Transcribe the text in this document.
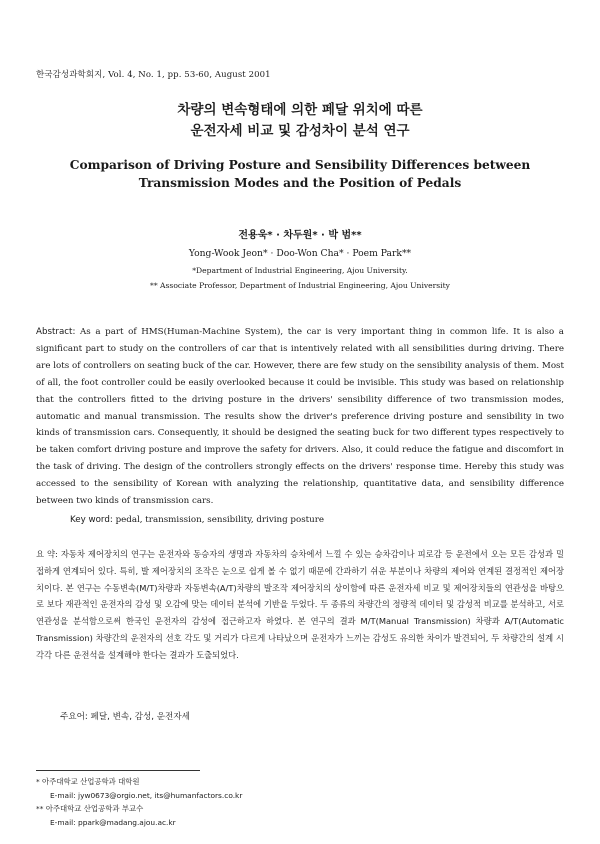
한국감성과학회지, Vol. 4, No. 1, pp. 53-60, August 2001
차량의 변속형태에 의한 페달 위치에 따른
운전자세 비교 및 감성차이 분석 연구
Comparison of Driving Posture and Sensibility Differences between
Transmission Modes and the Position of Pedals
전용욱* · 차두원* · 박 범**
Yong-Wook Jeon* · Doo-Won Cha* · Poem Park**
*Department of Industrial Engineering, Ajou University.
** Associate Professor, Department of Industrial Engineering, Ajou University
Abstract: As a part of HMS(Human-Machine System), the car is very important thing in common life. It is also a significant part to study on the controllers of car that is intentively related with all sensibilities during driving. There are lots of controllers on seating buck of the car. However, there are few study on the sensibility analysis of them. Most of all, the foot controller could be easily overlooked because it could be invisible. This study was based on relationship that the controllers fitted to the driving posture in the drivers' sensibility difference of two transmission modes, automatic and manual transmission. The results show the driver's preference driving posture and sensibility in two kinds of transmission cars. Consequently, it should be designed the seating buck for two different types respectively to be taken comfort driving posture and improve the safety for drivers. Also, it could reduce the fatigue and discomfort in the task of driving. The design of the controllers strongly effects on the drivers' response time. Hereby this study was accessed to the sensibility of Korean with analyzing the relationship, quantitative data, and sensibility difference between two kinds of transmission cars.
Key word: pedal, transmission, sensibility, driving posture
요 약: 자동차 제어장치의 연구는 운전자와 동승자의 생명과 자동차의 승차에서 느낄 수 있는 승차감이나 피로감 등 운전에서 오는 모든 감성과 밀접하게 연계되어 있다. 특히, 발 제어장치의 조작은 눈으로 쉽게 볼 수 없기 때문에 간과하기 쉬운 부분이나 차량의 제어와 연계된 결정적인 제어장치이다. 본 연구는 수동변속(M/T)차량과 자동변속(A/T)차량의 발조작 제어장치의 상이함에 따른 운전자세 비교 및 제어장치들의 연관성을 바탕으로 보다 재관적인 운전자의 감성 및 오감에 맞는 데이터 분석에 기반을 두었다. 두 종류의 차량간의 정량적 데이터 및 감성적 비교를 분석하고, 서로 연관성을 분석함으로써 한국인 운전자의 감성에 접근하고자 하였다. 본 연구의 결과 M/T(Manual Transmission) 차량과 A/T(Automatic Transmission) 차량간의 운전자의 선호 각도 및 거리가 다르게 나타났으며 운전자가 느끼는 감성도 유의한 차이가 발견되어, 두 차량간의 설계 시 각각 다른 운전석을 설계해야 한다는 결과가 도출되었다.
주요어: 페달, 변속, 감성, 운전자세
* 아주대학교 산업공학과 대학원
E-mail: jyw0673@orgio.net, its@humanfactors.co.kr
** 아주대학교 산업공학과 부교수
E-mail: ppark@madang.ajou.ac.kr
